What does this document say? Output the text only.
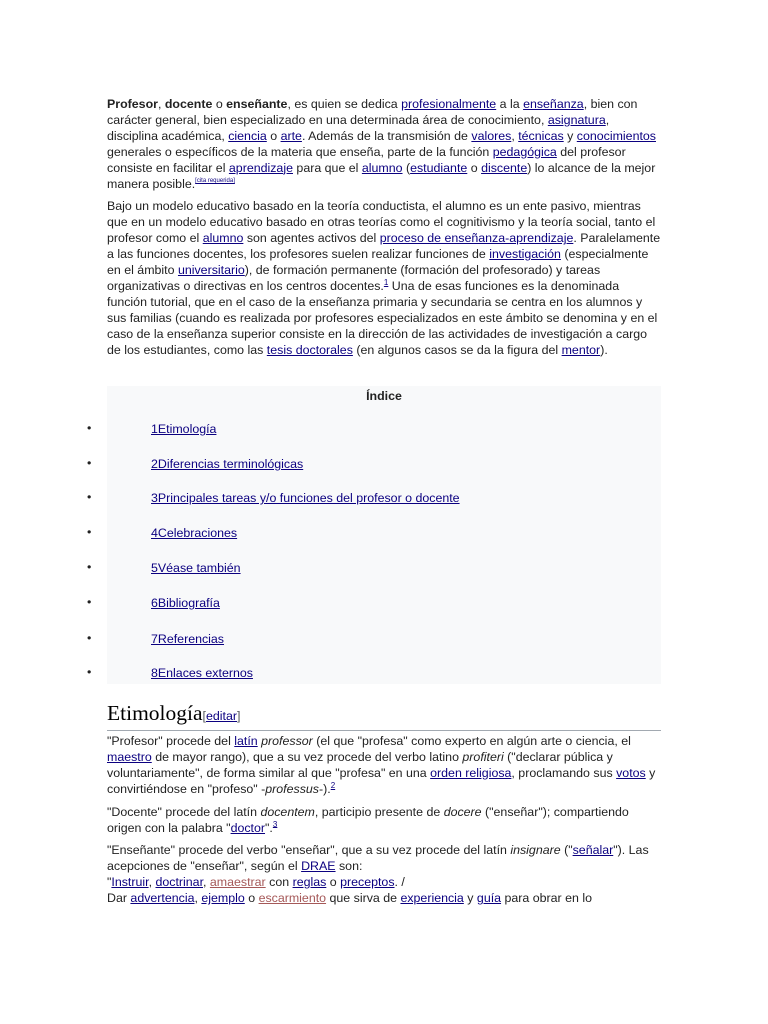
Profesor, docente o enseñante, es quien se dedica profesionalmente a la enseñanza, bien con carácter general, bien especializado en una determinada área de conocimiento, asignatura, disciplina académica, ciencia o arte. Además de la transmisión de valores, técnicas y conocimientos generales o específicos de la materia que enseña, parte de la función pedagógica del profesor consiste en facilitar el aprendizaje para que el alumno (estudiante o discente) lo alcance de la mejor manera posible.[cita requerida]

Bajo un modelo educativo basado en la teoría conductista, el alumno es un ente pasivo, mientras que en un modelo educativo basado en otras teorías como el cognitivismo y la teoría social, tanto el profesor como el alumno son agentes activos del proceso de enseñanza-aprendizaje. Paralelamente a las funciones docentes, los profesores suelen realizar funciones de investigación (especialmente en el ámbito universitario), de formación permanente (formación del profesorado) y tareas organizativas o directivas en los centros docentes.$^1$ Una de esas funciones es la denominada función tutorial, que en el caso de la enseñanza primaria y secundaria se centra en los alumnos y sus familias (cuando es realizada por profesores especializados en este ámbito se denomina y en el caso de la enseñanza superior consiste en la dirección de las actividades de investigación a cargo de los estudiantes, como las tesis doctorales (en algunos casos se da la figura del mentor).

Índice
•	1Etimología
•	2Diferencias terminológicas
•	3Principales tareas y/o funciones del profesor o docente
•	4Celebraciones
•	5Véase también
•	6Bibliografía
•	7Referencias
•	8Enlaces externos
Etimología[editar]

"Profesor" procede del latín professor (el que "profesa" como experto en algún arte o ciencia, el maestro de mayor rango), que a su vez procede del verbo latino profiteri ("declarar pública y voluntariamente", de forma similar al que "profesa" en una orden religiosa, proclamando sus votos y convirtiéndose en "profeso" -professus-).$^2$

"Docente" procede del latín docentem, participio presente de docere ("enseñar"); compartiendo origen con la palabra "doctor".$^3$

"Enseñante" procede del verbo "enseñar", que a su vez procede del latín insignare ("señalar"). Las acepciones de "enseñar", según el DRAE son:
"Instruir, doctrinar, amaestrar con reglas o preceptos. /
Dar advertencia, ejemplo o escarmiento que sirva de experiencia y guía para obrar en lo
